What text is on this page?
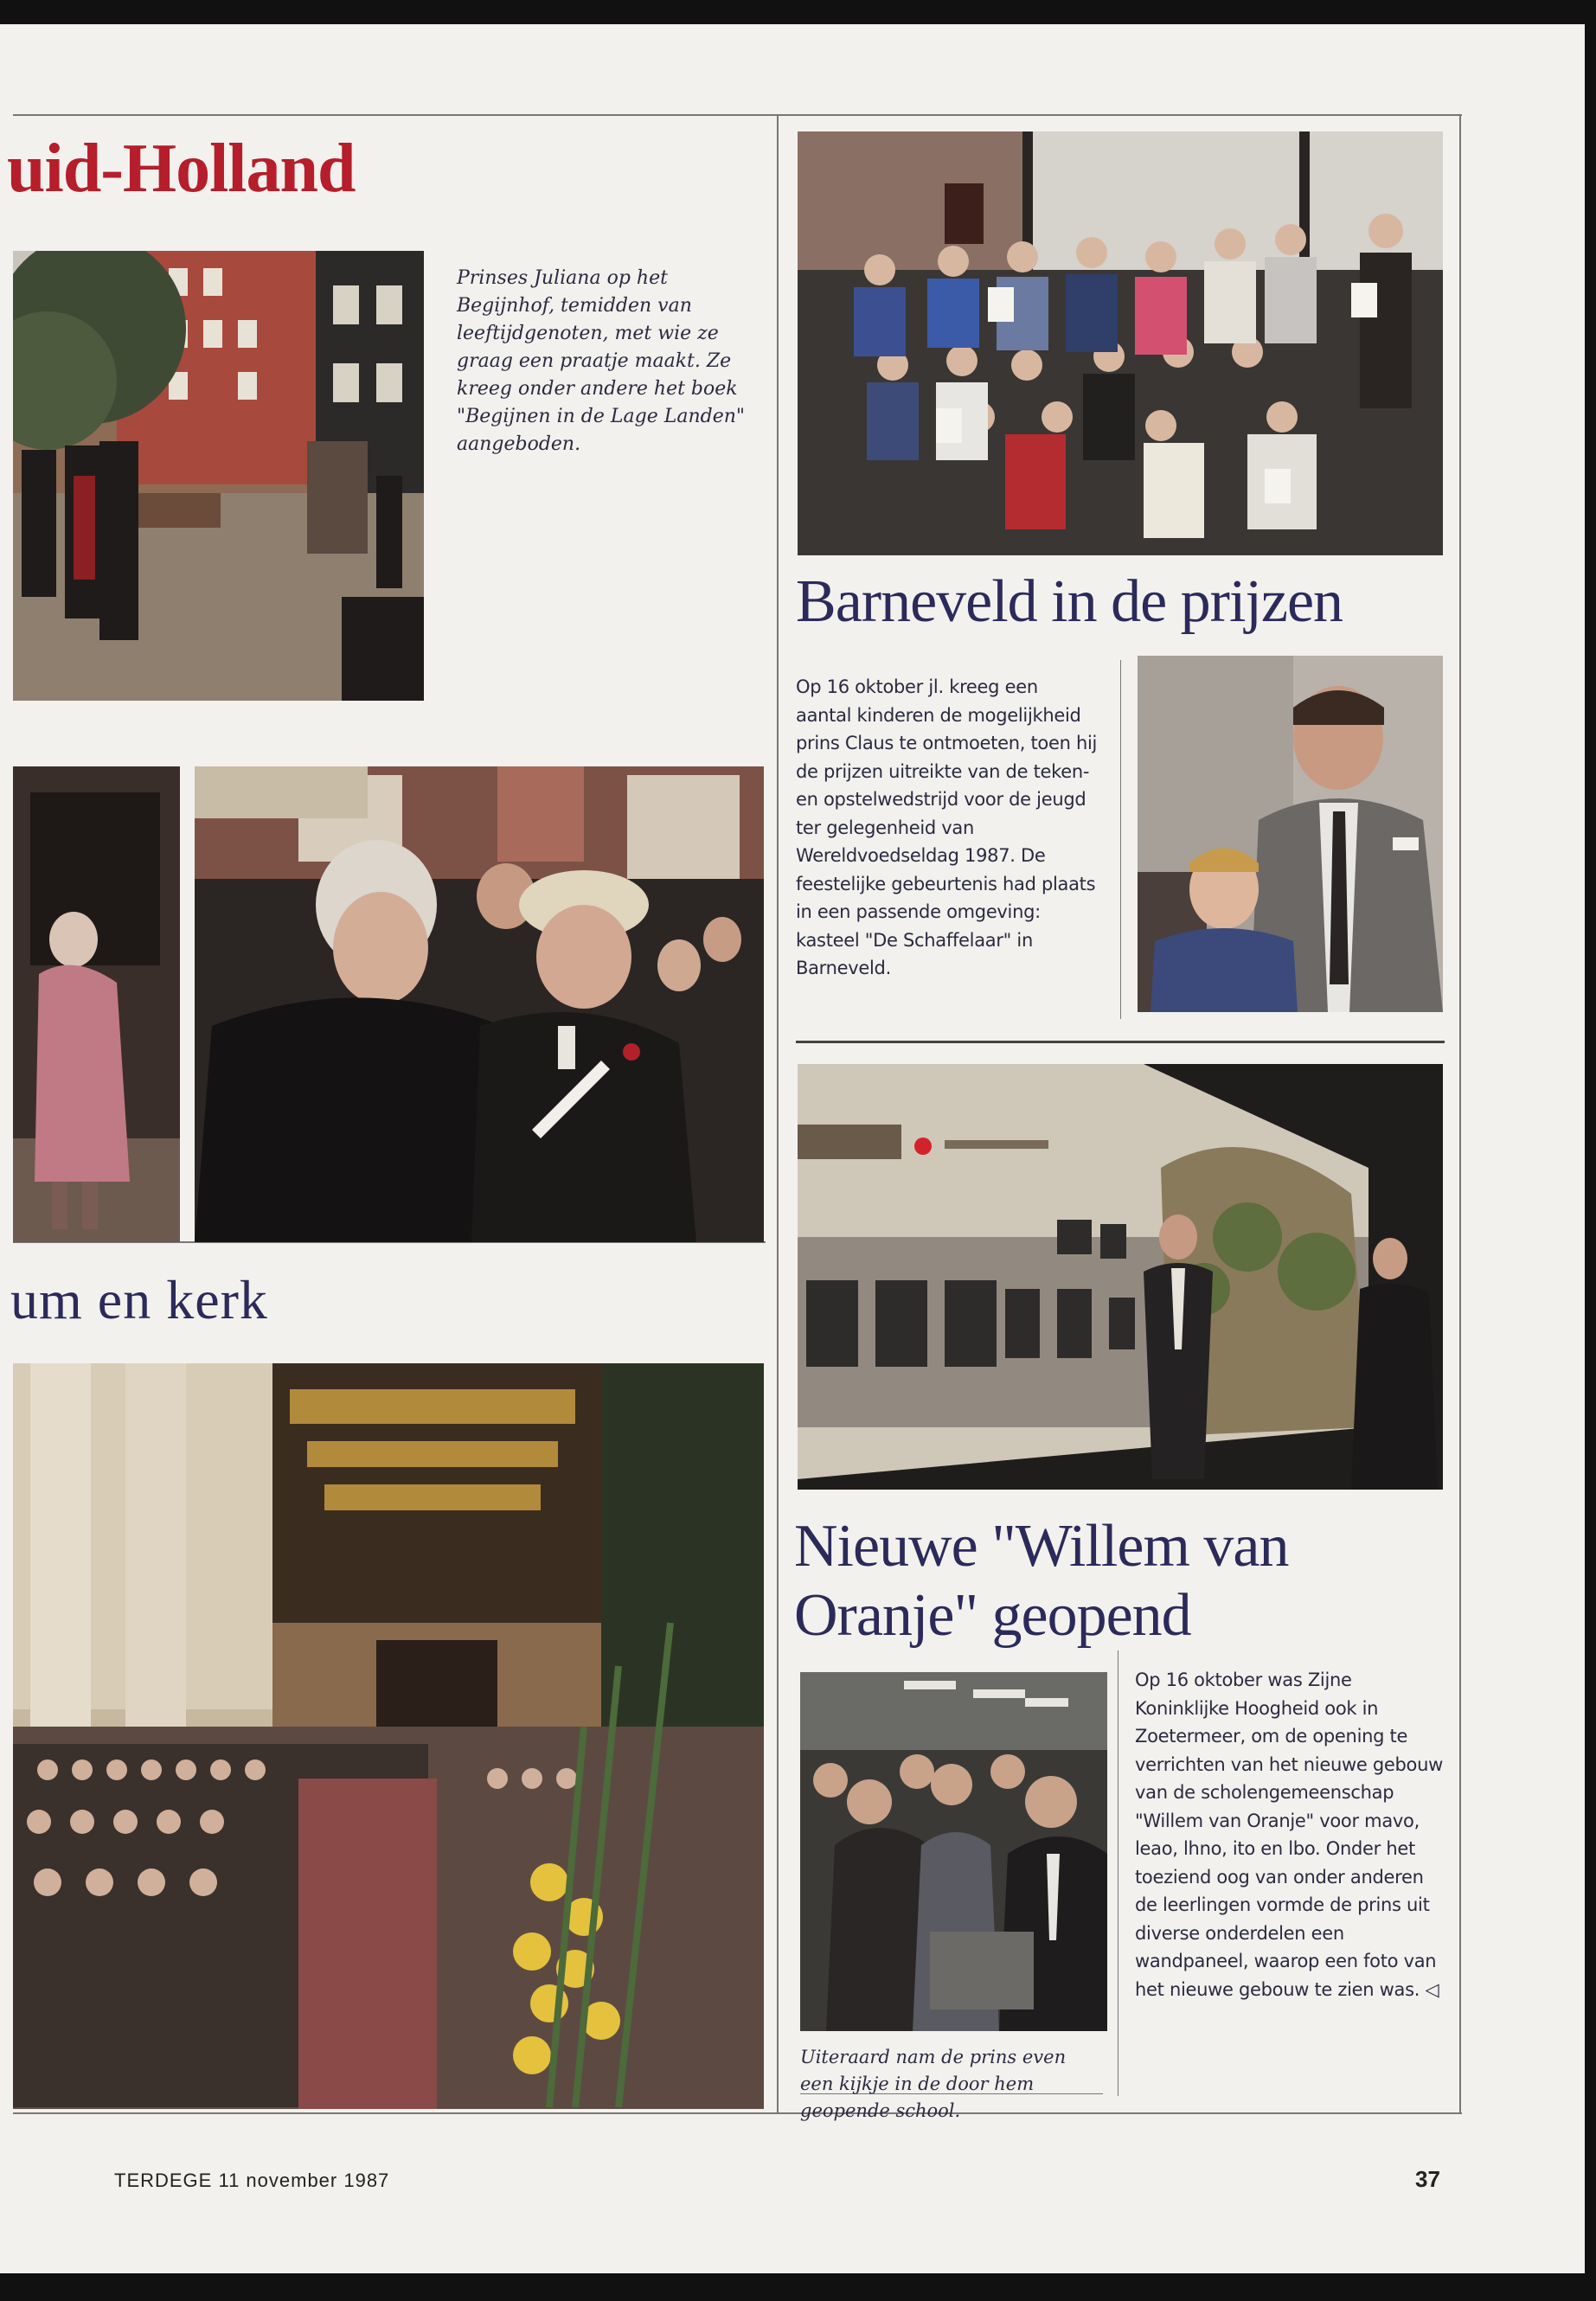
uid-Holland
Prinses Juliana op het Begijnhof, temidden van leeftijdgenoten, met wie ze graag een praatje maakt. Ze kreeg onder andere het boek "Begijnen in de Lage Landen" aangeboden.
um en kerk
Barneveld in de prijzen
Op 16 oktober jl. kreeg een aantal kinderen de mogelijkheid prins Claus te ontmoeten, toen hij de prijzen uitreikte van de teken- en opstelwedstrijd voor de jeugd ter gelegenheid van Wereldvoedseldag 1987. De feestelijke gebeurtenis had plaats in een passende omgeving: kasteel "De Schaffelaar" in Barneveld.
Nieuwe "Willem van
Oranje" geopend
Uiteraard nam de prins even een kijkje in de door hem geopende school.
Op 16 oktober was Zijne Koninklijke Hoogheid ook in Zoetermeer, om de opening te verrichten van het nieuwe gebouw van de scholengemeenschap "Willem van Oranje" voor mavo, leao, lhno, ito en lbo. Onder het toeziend oog van onder anderen de leerlingen vormde de prins uit diverse onderdelen een wandpaneel, waarop een foto van het nieuwe gebouw te zien was. ◁
TERDEGE 11 november 1987	37
